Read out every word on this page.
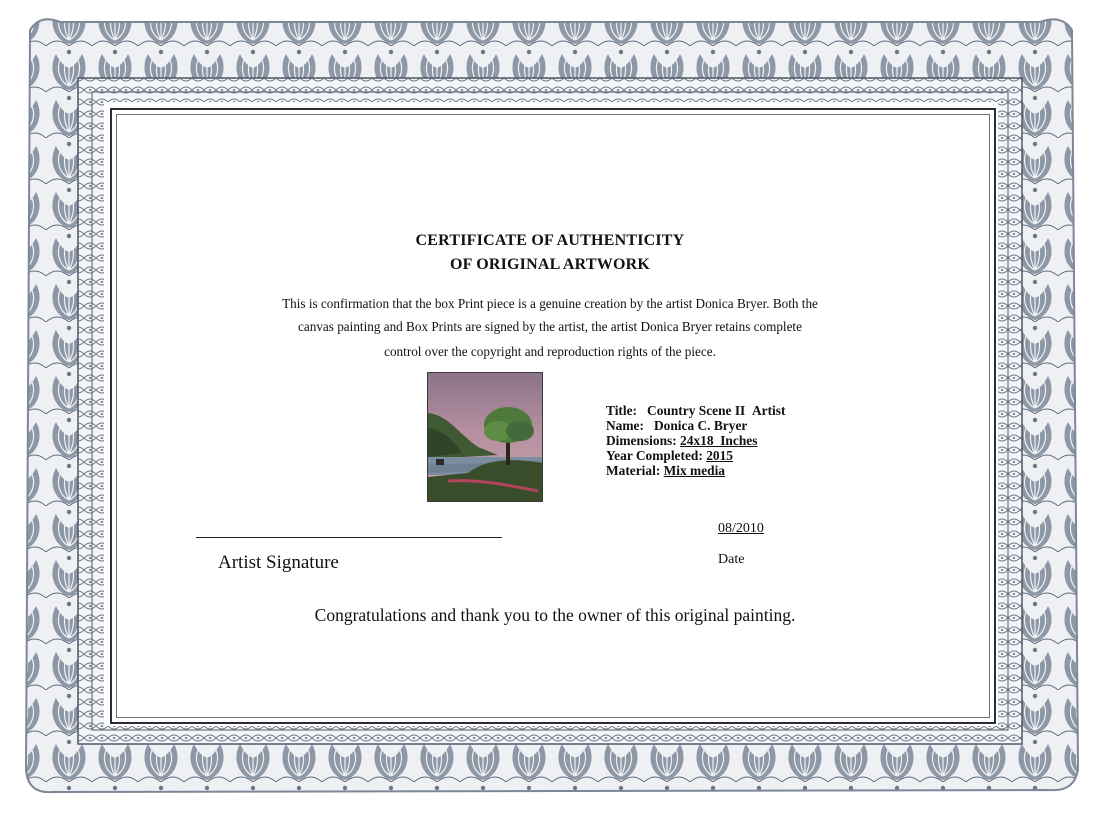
CERTIFICATE OF AUTHENTICITY
OF ORIGINAL ARTWORK
This is confirmation that the box Print piece is a genuine creation by the artist Donica Bryer. Both the
canvas painting and Box Prints are signed by the artist, the artist Donica Bryer retains complete
control over the copyright and reproduction rights of the piece.
Title: Country Scene II Artist
Name: Donica C. Bryer
Dimensions: 24x18  Inches
Year Completed: 2015
Material: Mix media
Artist Signature
08/2010
Date
Congratulations and thank you to the owner of this original painting.
